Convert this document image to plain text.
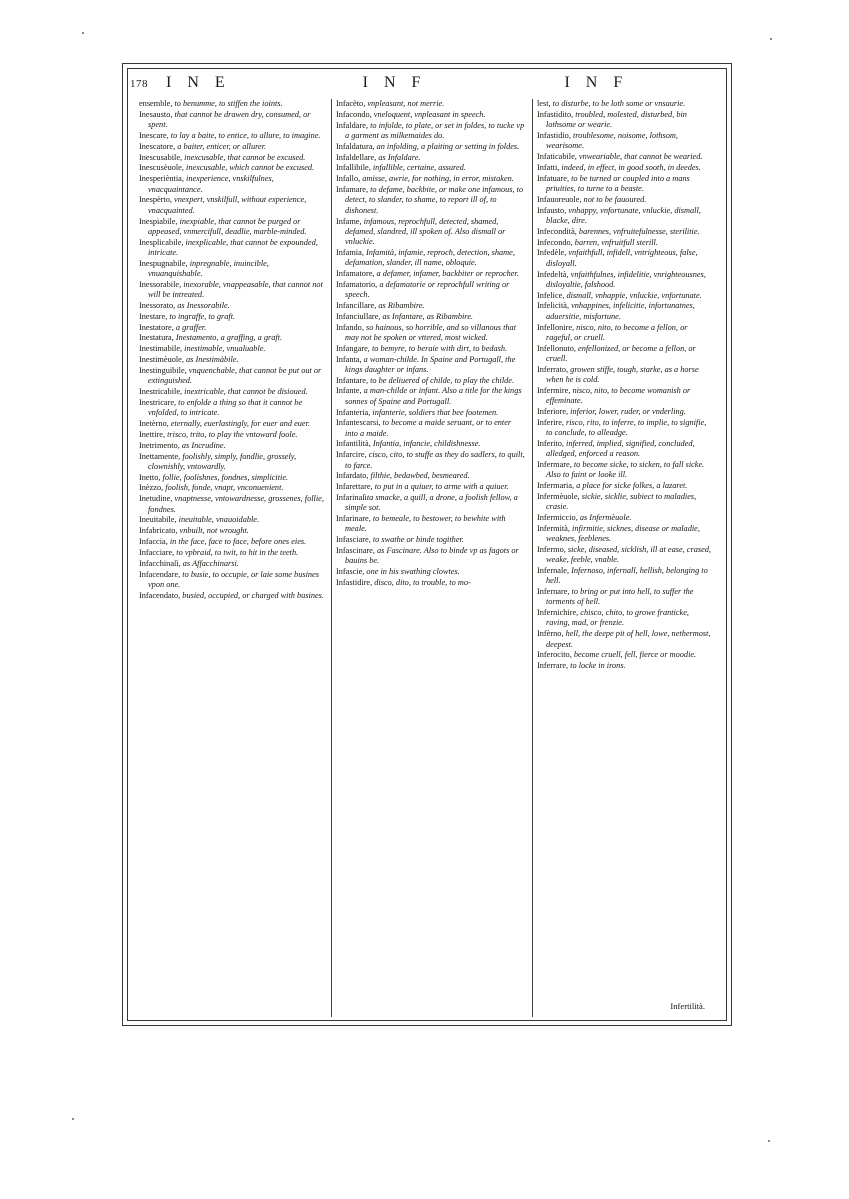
178	I N E	I N F	I N F

ensemble, to benumme, to stiffen the ioints.

Inesausto, that cannot be drawen dry, consumed, or spent.

Inescare, to lay a baite, to entice, to allure, to imagine.

Inescatore, a baiter, enticer, or allurer.

Inescusabile, inexcusable, that cannot be excused.

Inescusèuole, inexcusable, which cannot be excused.

Inesperièntia, inexperience, vnskilfulnes, vnacquaintance.

Inespèrto, vnexpert, vnskilfull, without experience, vnacquainted.

Inespiabile, inexpiable, that cannot be purged or appeased, vnmercifull, deadlie, marble-minded.

Inesplicabile, inexplicable, that cannot be expounded, intricate.

Inespugnabile, inpregnable, inuincible, vnuanquishable.

Inessorabile, inexorable, vnappeasable, that cannot not will be intreated.

Inessorato, as Inessorabile.

Inestare, to ingraffe, to graft.

Inestatore, a graffer.

Inestatura, Inestamento, a graffing, a graft.

Inestimabile, inestimable, vnualuable.

Inestimèuole, as Inestimàbile.

Inestinguibile, vnquenchable, that cannot be put out or extinguished.

Inestricabile, inextricable, that cannot be disioued.

Inestricare, to enfolde a thing so that it cannot be vnfolded, to intricate.

Inetèrno, eternally, euerlastingly, for euer and euer.

Inettire, trisco, trito, to play the vntoward foole.

Inetrimento, as Incrudine.

Inettamente, foolishly, simply, fondlie, grossely, clownishly, vntowardly.

Inetto, follie, foolishnes, fondnes, simplicitie.

Inèzzo, foolish, fonde, vnapt, vnconuenient.

Inetudine, vnaptnesse, vntowardnesse, grossenes, follie, fondnes.

Ineuitabile, ineuitable, vnauoidable.

Infabricato, vnbuilt, not wrought.

Infaccia, in the face, face to face, before ones eies.

Infacciare, to vpbraid, to twit, to hit in the teeth.

Infacchinaſi, as Affacchinarsi.

Infacendare, to busie, to occupie, or laie some busines vpon one.

Infacendato, busied, occupied, or charged with busines.

Infacèto, vnpleasant, not merrie.

Infacondo, vneloquent, vnpleasant in speech.

Infaldare, to infolde, to plate, or set in foldes, to tucke vp a garment as milkemaides do.

Infaldatura, an infolding, a plaiting or setting in foldes.

Infaldellare, as Infaldare.

Infallibile, infallible, certaine, assured.

Infallo, amisse, awrie, for nothing, in error, mistaken.

Infamare, to defame, backbite, or make one infamous, to detect, to slander, to shame, to report ill of, to dishonest.

Infame, infamous, reprochfull, detected, shamed, defamed, slandred, ill spoken of. Also dismall or vnluckie.

Infamia, Infamità, infamie, reproch, detection, shame, defamation, slander, ill name, obloquie.

Infamatore, a defamer, infamer, backbiter or reprocher.

Infamatorio, a defamatorie or reprochfull writing or speech.

Infancillare, as Ribambire.

Infanciullare, as Infantare, as Ribambire.

Infando, so hainous, so horrible, and so villanous that may not be spoken or vttered, most wicked.

Infangare, to bemyre, to beraie with dirt, to bedash.

Infanta, a woman-childe. In Spaine and Portugall, the kings daughter or infans.

Infantare, to be deliuered of childe, to play the childe.

Infante, a man-childe or infant. Also a title for the kings sonnes of Spaine and Portugall.

Infanteria, infanterie, soldiers that bee footemen.

Infantescarsi, to become a maide seruant, or to enter into a maide.

Infantilità, Infantia, infancie, childishnesse.

Infarcire, cisco, cito, to stuffe as they do sadlers, to quilt, to farce.

Infardato, filthie, bedawbed, besmeared.

Infarettare, to put in a quiuer, to arme with a quiuer.

Infarinaſita smacke, a quill, a drone, a foolish fellow, a simple sot.

Infarinare, to bemeale, to bestower, to bewhite with meale.

Infasciare, to swathe or binde togither.

Infascinare, as Fascinare. Also to binde vp as fagots or bauins be.

Infascie, one in his swathing clowtes.

Infastidire, disco, dito, to trouble, to mo-

lest, to disturbe, to be loth some or vnsaurie.

Infastidito, troubled, molested, disturbed, bin lothsome or wearie.

Infastidio, troublesome, noisome, lothsom, wearisome.

Infaticabile, vnweariable, that cannot be wearied.

Infatti, indeed, in effect, in good sooth, in deedes.

Infatuare, to be turned or coupled into a mans priuities, to turne to a beaste.

Infauoreuole, not to be fauoured.

Infausto, vnhappy, vnfortunate, vnluckie, dismall, blacke, dire.

Infecondità, barennes, vnfruitefulnesse, sterilitie.

Infecondo, barren, vnfruitfull sterill.

Infedèle, vnfaithfull, infidell, vntrighteous, false, disloyall.

Infedeltà, vnfaithfulnes, infidelitie, vnrighteousnes, disloyaltie, falshood.

Infelice, dismall, vnhappie, vnluckie, vnfortunate.

Infelicità, vnhappines, infelicitie, infortunatnes, aduersitie, misfortune.

Infellonire, nisco, nito, to become a fellon, or rageful, or cruell.

Infellonuto, enfellonized, or become a fellon, or cruell.

Inferrato, growen stiffe, tough, starke, as a horse when he is cold.

Infermire, nisco, nito, to become womanish or effeminate.

Inferiore, inferior, lower, ruder, or vnderling.

Inferire, risco, rito, to inferre, to implie, to signifie, to conclude, to alleadge.

Inferito, inferred, implied, signified, concluded, alledged, enforced a reason.

Infermare, to become sicke, to sicken, to fall sicke. Also to faint or looke ill.

Infermaria, a place for sicke folkes, a lazaret.

Infermèuole, sickie, sicklie, subiect to maladies, crasie.

Infermiccio, as Infermèuole.

Infermità, infirmitie, sicknes, disease or maladie, weaknes, feeblenes.

Infermo, sicke, diseased, sicklish, ill at ease, crased, weake, feeble, vnable.

Infernale, Infernoso, infernall, hellish, belonging to hell.

Infernare, to bring or put into hell, to suffer the torments of hell.

Infernichire, chisco, chito, to growe franticke, raving, mad, or frenzie.

Infèrno, hell, the deepe pit of hell, lowe, nethermost, deepest.

Inferocito, become cruell, fell, fierce or moodie.

Inferrare, to locke in irons.

Infertilità.
